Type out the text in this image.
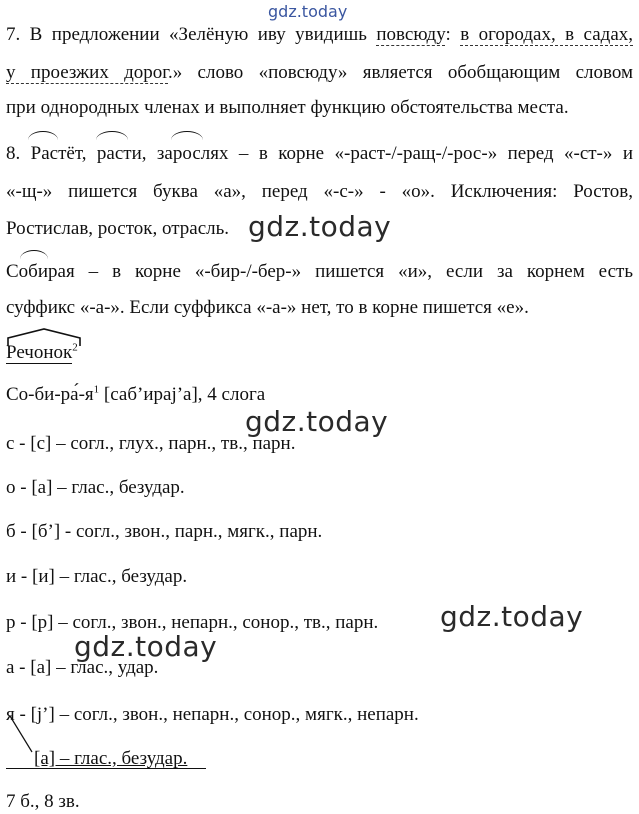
gdz.today
7. В предложении «Зелёную иву увидишь повсюду: в огородах, в садах,
у проезжих дорог.» слово «повсюду» является обобщающим словом
при однородных членах и выполняет функцию обстоятельства места.
8. Растёт, расти, зарослях – в корне «-раст-/-ращ-/-рос-» перед «-ст-» и
«-щ-» пишется буква «а», перед «-с-» - «о». Исключения: Ростов,
Ростислав, росток, отрасль. gdz.today
Собирая – в корне «-бир-/-бер-» пишется «и», если за корнем есть
суффикс «-а-». Если суффикса «-а-» нет, то в корне пишется «е».
Речонок$^2$
$Со-би-ра́-я^1$ [саб’ираj’а], 4 слога
gdz.today
с - [с] – согл., глух., парн., тв., парн.
о - [а] – глас., безудар.
б - [б’] - согл., звон., парн., мягк., парн.
и - [и] – глас., безудар.
р - [р] – согл., звон., непарн., сонор., тв., парн.	gdz.today
gdz.today
а - [а] – глас., удар.
я - [j’] – согл., звон., непарн., сонор., мягк., непарн.
[а] – глас., безудар.
7 б., 8 зв.
